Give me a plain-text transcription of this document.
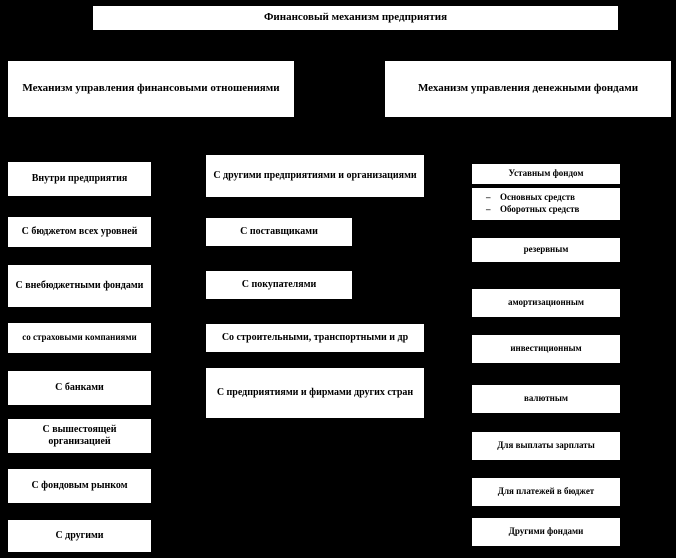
Финансовый механизм предприятия
Механизм управления финансовыми отношениями	Механизм управления денежными фондами
Внутри предприятия
С бюджетом всех уровней
С внебюджетными фондами
со страховыми компаниями
С банками
С вышестоящей организацией
С фондовым рынком
С другими
С другими предприятиями и организациями
С поставщиками
С покупателями
Со строительными, транспортными и др
С предприятиями и фирмами других стран
Уставным фондом
–	Основных средств
–	Оборотных средств
резервным
амортизационным
инвестиционным
валютным
Для выплаты зарплаты
Для платежей в бюджет
Другими фондами
